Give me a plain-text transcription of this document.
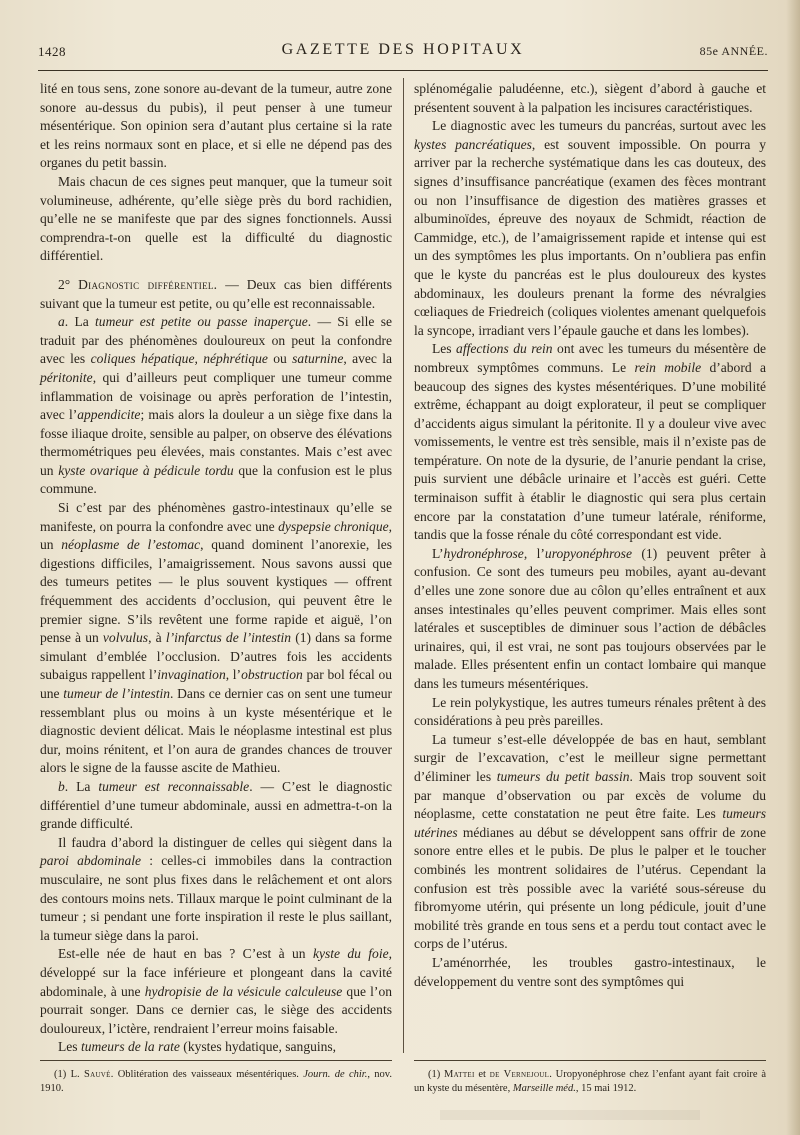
1428	GAZETTE DES HOPITAUX	85e ANNÉE.

lité en tous sens, zone sonore au-devant de la tumeur, autre zone sonore au-dessus du pubis), il peut penser à une tumeur mésentérique. Son opinion sera d’autant plus certaine si la rate et les reins normaux sont en place, et si elle ne dépend pas des organes du petit bassin.

Mais chacun de ces signes peut manquer, que la tumeur soit volumineuse, adhérente, qu’elle siège près du bord rachidien, qu’elle ne se manifeste que par des signes fonctionnels. Aussi comprendra-t-on quelle est la difficulté du diagnostic différentiel.

2° Diagnostic différentiel. — Deux cas bien différents suivant que la tumeur est petite, ou qu’elle est reconnaissable.

a. La tumeur est petite ou passe inaperçue. — Si elle se traduit par des phénomènes douloureux on peut la confondre avec les coliques hépatique, néphrétique ou saturnine, avec la péritonite, qui d’ailleurs peut compliquer une tumeur comme inflammation de voisinage ou après perforation de l’intestin, avec l’appendicite; mais alors la douleur a un siège fixe dans la fosse iliaque droite, sensible au palper, on observe des élévations thermométriques peu élevées, mais constantes. Mais c’est avec un kyste ovarique à pédicule tordu que la confusion est le plus commune.

Si c’est par des phénomènes gastro-intestinaux qu’elle se manifeste, on pourra la confondre avec une dyspepsie chronique, un néoplasme de l’estomac, quand dominent l’anorexie, les digestions difficiles, l’amaigrissement. Nous savons aussi que des tumeurs petites — le plus souvent kystiques — offrent fréquemment des accidents d’occlusion, qui peuvent être le premier signe. S’ils revêtent une forme rapide et aiguë, l’on pense à un volvulus, à l’infarctus de l’intestin (1) dans sa forme simulant d’emblée l’occlusion. D’autres fois les accidents subaigus rappellent l’invagination, l’obstruction par bol fécal ou une tumeur de l’intestin. Dans ce dernier cas on sent une tumeur ressemblant plus ou moins à un kyste mésentérique et le diagnostic devient délicat. Mais le néoplasme intestinal est plus dur, moins rénitent, et l’on aura de grandes chances de trouver alors le signe de la fausse ascite de Mathieu.

b. La tumeur est reconnaissable. — C’est le diagnostic différentiel d’une tumeur abdominale, aussi en admettra-t-on la grande difficulté.

Il faudra d’abord la distinguer de celles qui siègent dans la paroi abdominale : celles-ci immobiles dans la contraction musculaire, ne sont plus fixes dans le relâchement et ont alors des contours moins nets. Tillaux marque le point culminant de la tumeur ; si pendant une forte inspiration il reste le plus saillant, la tumeur siège dans la paroi.

Est-elle née de haut en bas ? C’est à un kyste du foie, développé sur la face inférieure et plongeant dans la cavité abdominale, à une hydropisie de la vésicule calculeuse que l’on pourrait songer. Dans ce dernier cas, le siège des accidents douloureux, l’ictère, rendraient l’erreur moins faisable.

Les tumeurs de la rate (kystes hydatique, sanguins,

splénomégalie paludéenne, etc.), siègent d’abord à gauche et présentent souvent à la palpation les incisures caractéristiques.

Le diagnostic avec les tumeurs du pancréas, surtout avec les kystes pancréatiques, est souvent impossible. On pourra y arriver par la recherche systématique dans les cas douteux, des signes d’insuffisance pancréatique (examen des fèces montrant ou non l’insuffisance de digestion des matières grasses et albuminoïdes, épreuve des noyaux de Schmidt, réaction de Cammidge, etc.), de l’amaigrissement rapide et intense qui est un des symptômes les plus importants. On n’oubliera pas enfin que le kyste du pancréas est le plus douloureux des kystes abdominaux, les douleurs prenant la forme des névralgies cœliaques de Friedreich (coliques violentes amenant quelquefois la syncope, irradiant vers l’épaule gauche et dans les lombes).

Les affections du rein ont avec les tumeurs du mésentère de nombreux symptômes communs. Le rein mobile d’abord a beaucoup des signes des kystes mésentériques. D’une mobilité extrême, échappant au doigt explorateur, il peut se compliquer d’accidents aigus simulant la péritonite. Il y a douleur vive avec vomissements, le ventre est très sensible, mais il n’existe pas de température. On note de la dysurie, de l’anurie pendant la crise, puis survient une débâcle urinaire et l’accès est guéri. Cette terminaison suffit à établir le diagnostic qui sera plus certain encore par la constatation d’une tumeur latérale, réniforme, tandis que la fosse rénale du côté correspondant est vide.

L’hydronéphrose, l’uropyonéphrose (1) peuvent prêter à confusion. Ce sont des tumeurs peu mobiles, ayant au-devant d’elles une zone sonore due au côlon qu’elles entraînent et aux anses intestinales qu’elles peuvent comprimer. Mais elles sont latérales et susceptibles de diminuer sous l’action de débâcles urinaires, qui, il est vrai, ne sont pas toujours observées par le malade. Elles présentent enfin un contact lombaire qui manque dans les tumeurs mésentériques.

Le rein polykystique, les autres tumeurs rénales prêtent à des considérations à peu près pareilles.

La tumeur s’est-elle développée de bas en haut, semblant surgir de l’excavation, c’est le meilleur signe permettant d’éliminer les tumeurs du petit bassin. Mais trop souvent soit par manque d’observation ou par excès de volume du néoplasme, cette constatation ne peut être faite. Les tumeurs utérines médianes au début se développent sans offrir de zone sonore entre elles et le pubis. De plus le palper et le toucher combinés les montrent solidaires de l’utérus. Cependant la confusion est très possible avec la variété sous-séreuse du fibromyome utérin, qui présente un long pédicule, jouit d’une mobilité très grande en tous sens et a perdu tout contact avec le corps de l’utérus.

L’aménorrhée, les troubles gastro-intestinaux, le développement du ventre sont des symptômes qui

(1) L. Sauvé. Oblitération des vaisseaux mésentériques. Journ. de chir., nov. 1910.

(1) Mattei et de Vernejoul. Uropyonéphrose chez l’enfant ayant fait croire à un kyste du mésentère, Marseille méd., 15 mai 1912.
